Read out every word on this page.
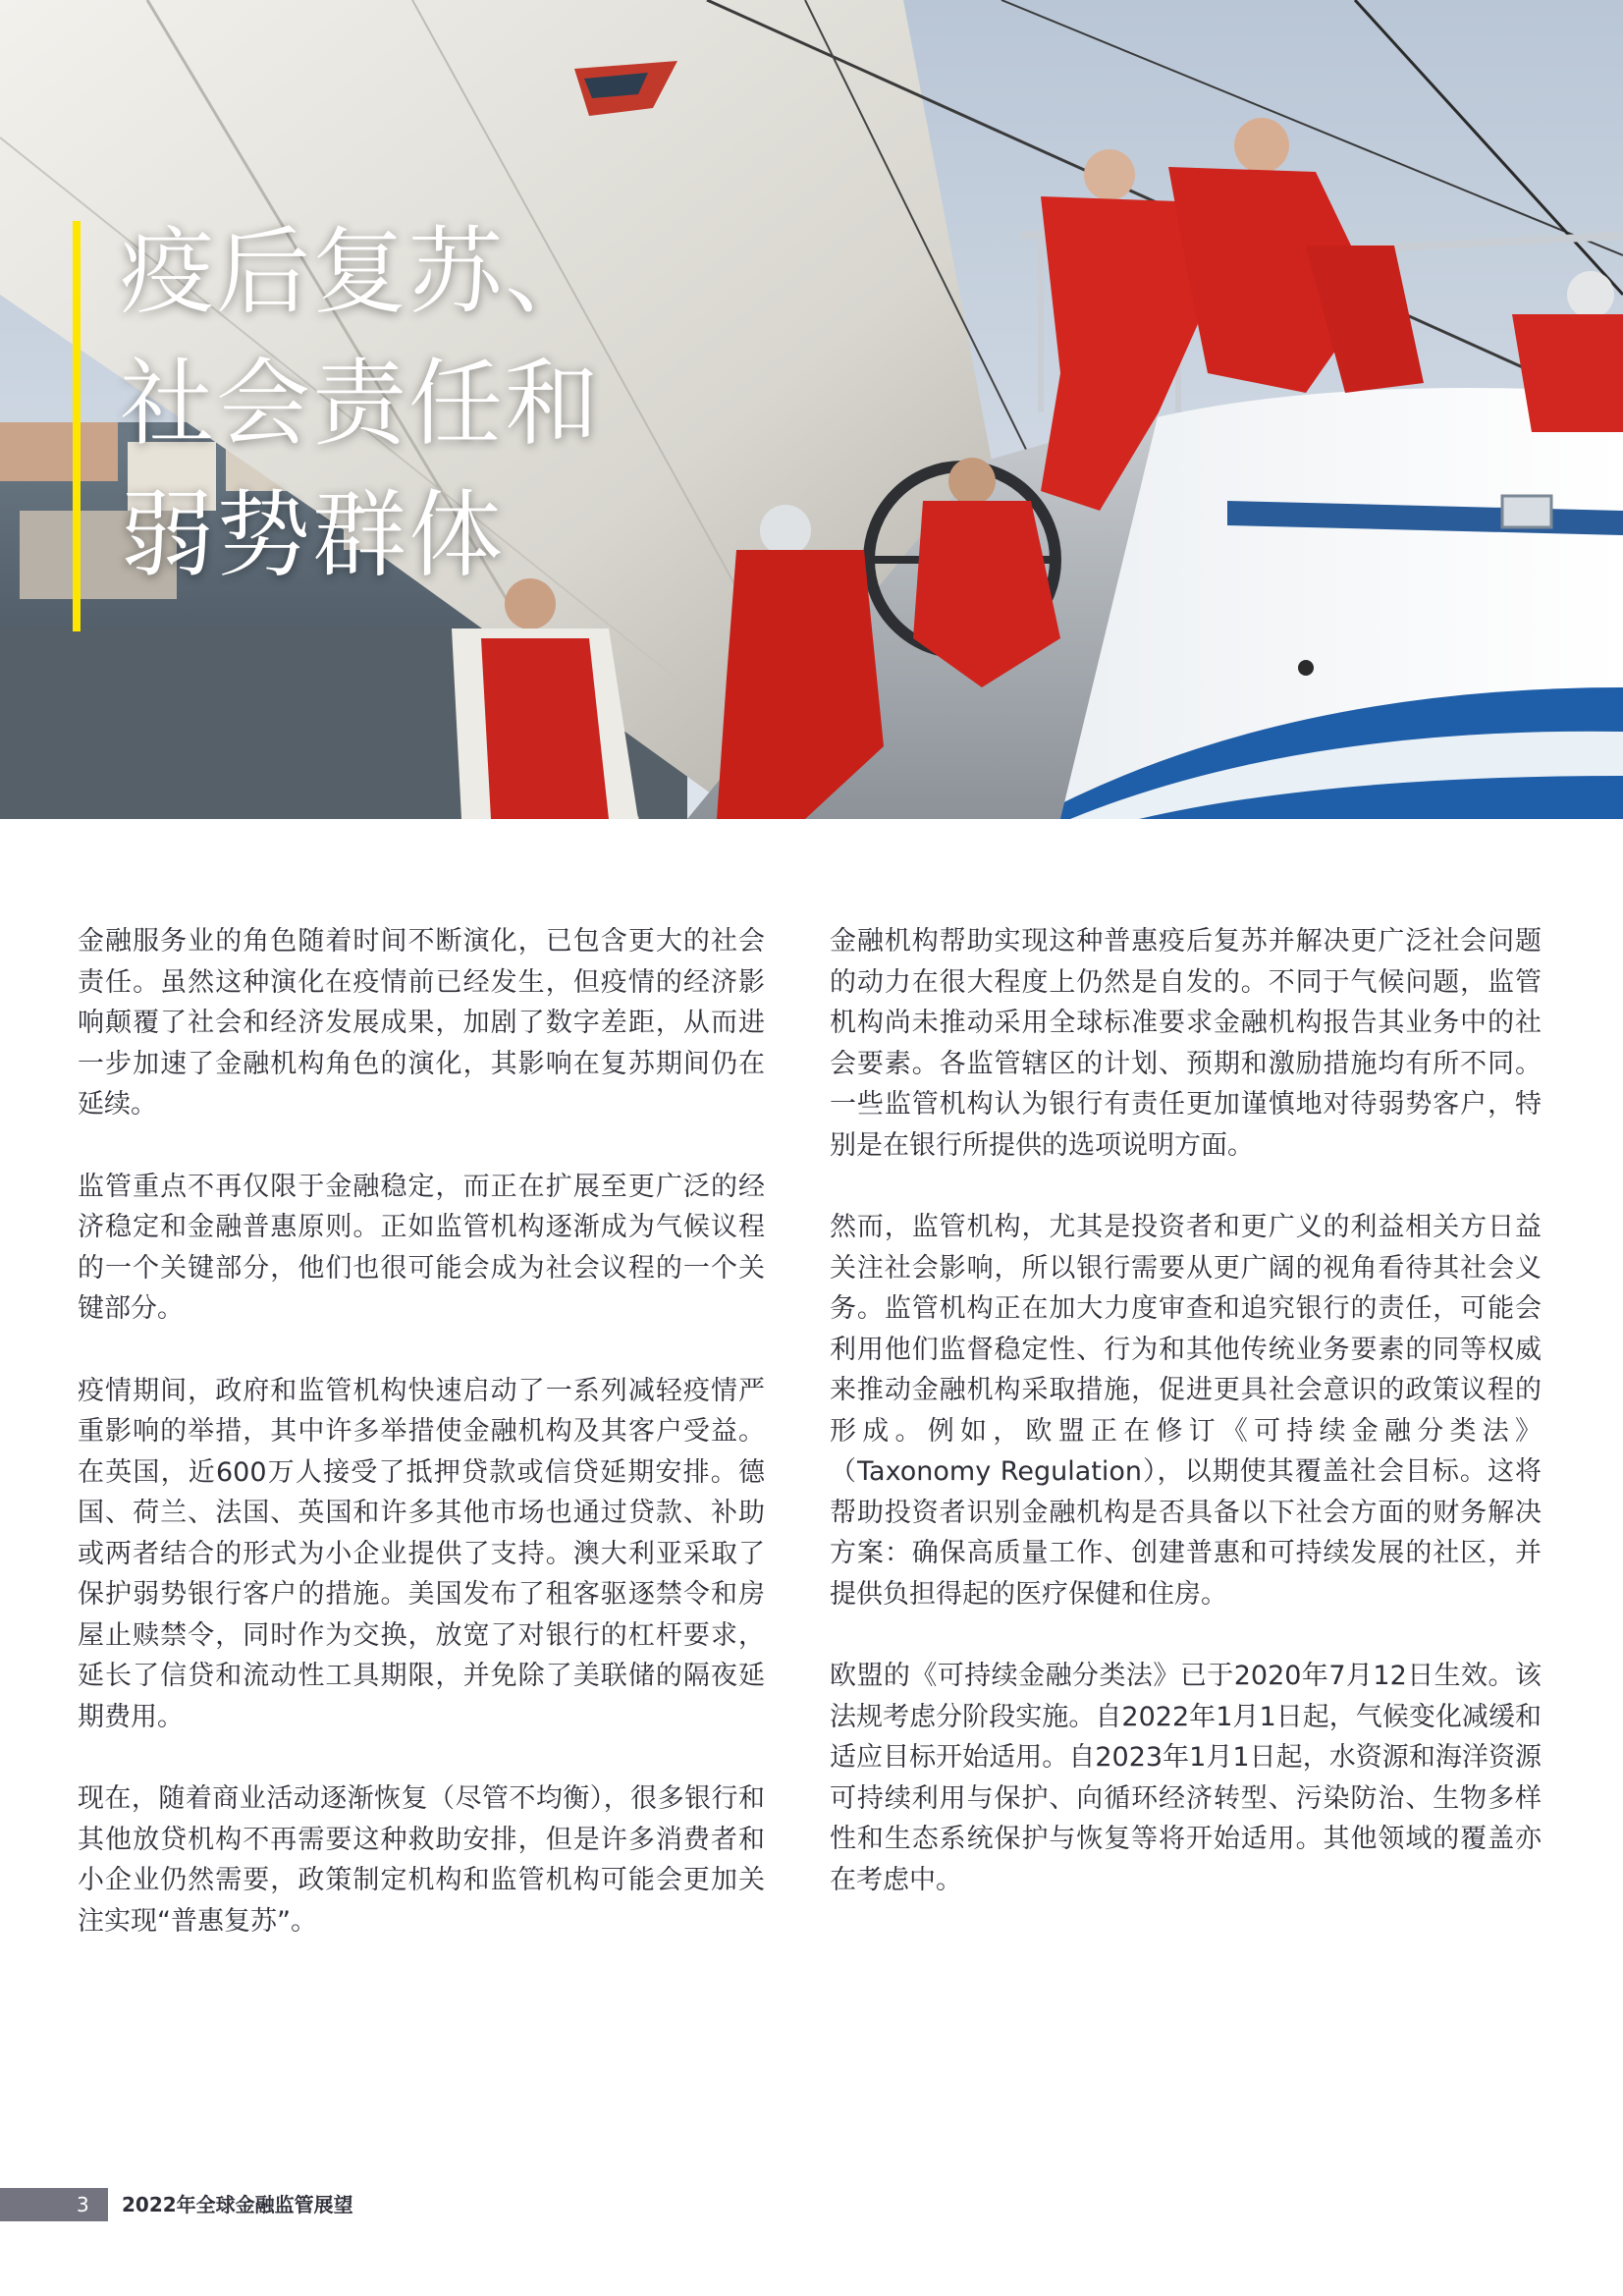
疫后复苏、
社会责任和
弱势群体

金融服务业的角色随着时间不断演化，已包含更大的社会责任。虽然这种演化在疫情前已经发生，但疫情的经济影响颠覆了社会和经济发展成果，加剧了数字差距，从而进一步加速了金融机构角色的演化，其影响在复苏期间仍在延续。

监管重点不再仅限于金融稳定，而正在扩展至更广泛的经济稳定和金融普惠原则。正如监管机构逐渐成为气候议程的一个关键部分，他们也很可能会成为社会议程的一个关键部分。

疫情期间，政府和监管机构快速启动了一系列减轻疫情严重影响的举措，其中许多举措使金融机构及其客户受益。在英国，近600万人接受了抵押贷款或信贷延期安排。德国、荷兰、法国、英国和许多其他市场也通过贷款、补助或两者结合的形式为小企业提供了支持。澳大利亚采取了保护弱势银行客户的措施。美国发布了租客驱逐禁令和房屋止赎禁令，同时作为交换，放宽了对银行的杠杆要求，延长了信贷和流动性工具期限，并免除了美联储的隔夜延期费用。

现在，随着商业活动逐渐恢复（尽管不均衡），很多银行和其他放贷机构不再需要这种救助安排，但是许多消费者和小企业仍然需要，政策制定机构和监管机构可能会更加关注实现“普惠复苏”。

金融机构帮助实现这种普惠疫后复苏并解决更广泛社会问题的动力在很大程度上仍然是自发的。不同于气候问题，监管机构尚未推动采用全球标准要求金融机构报告其业务中的社会要素。各监管辖区的计划、预期和激励措施均有所不同。一些监管机构认为银行有责任更加谨慎地对待弱势客户，特别是在银行所提供的选项说明方面。

然而，监管机构，尤其是投资者和更广义的利益相关方日益关注社会影响，所以银行需要从更广阔的视角看待其社会义务。监管机构正在加大力度审查和追究银行的责任，可能会利用他们监督稳定性、行为和其他传统业务要素的同等权威来推动金融机构采取措施，促进更具社会意识的政策议程的形成。例如，欧盟正在修订《可持续金融分类法》（Taxonomy Regulation），以期使其覆盖社会目标。这将帮助投资者识别金融机构是否具备以下社会方面的财务解决方案：确保高质量工作、创建普惠和可持续发展的社区，并提供负担得起的医疗保健和住房。

欧盟的《可持续金融分类法》已于2020年7月12日生效。该法规考虑分阶段实施。自2022年1月1日起，气候变化减缓和适应目标开始适用。自2023年1月1日起，水资源和海洋资源可持续利用与保护、向循环经济转型、污染防治、生物多样性和生态系统保护与恢复等将开始适用。其他领域的覆盖亦在考虑中。

3 2022年全球金融监管展望
